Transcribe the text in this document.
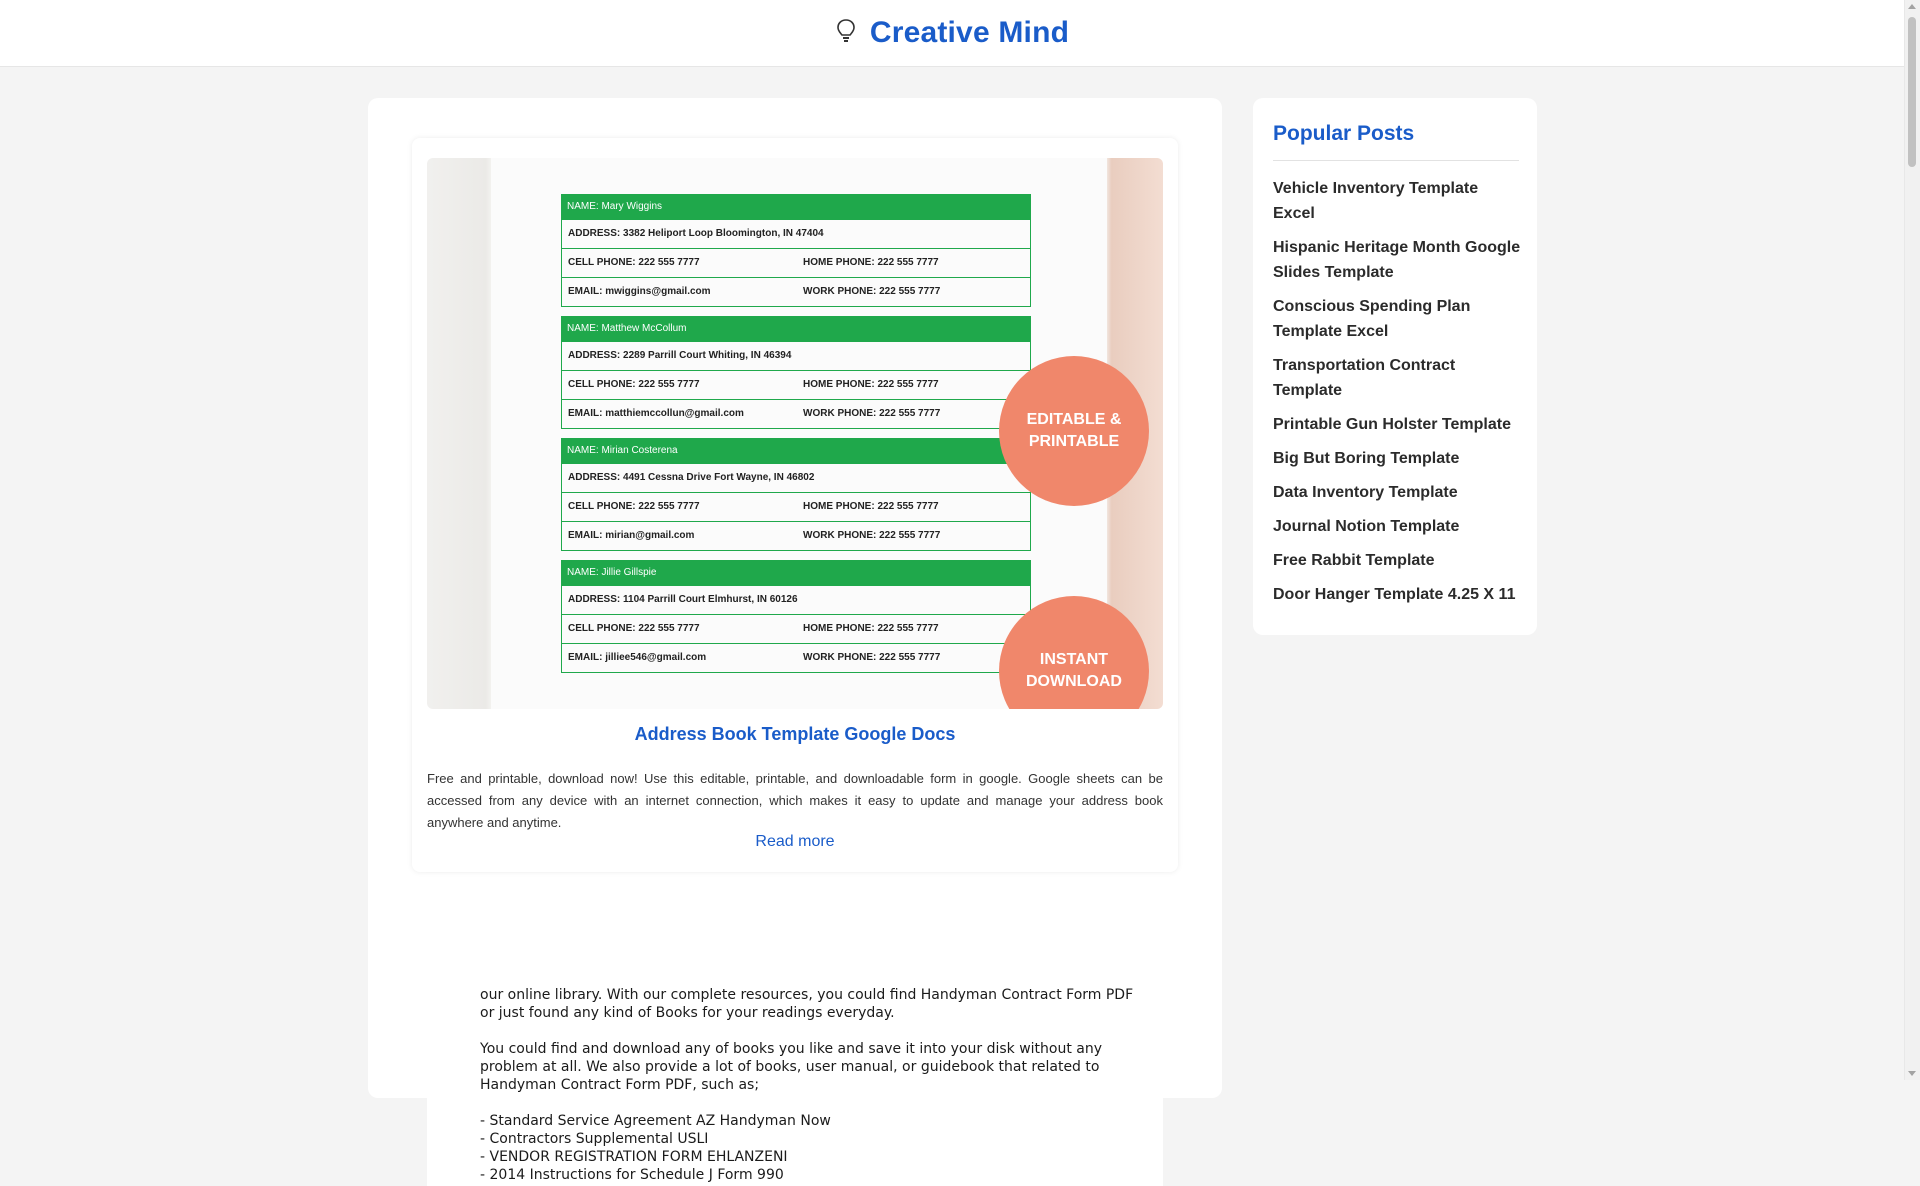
Creative Mind
NAME: Mary Wiggins
ADDRESS: 3382 Heliport Loop Bloomington, IN 47404
CELL PHONE: 222 555 7777	HOME PHONE: 222 555 7777
EMAIL: mwiggins@gmail.com	WORK PHONE: 222 555 7777
NAME: Matthew McCollum
ADDRESS: 2289 Parrill Court Whiting, IN 46394
CELL PHONE: 222 555 7777	HOME PHONE: 222 555 7777
EMAIL: matthiemccollun@gmail.com	WORK PHONE: 222 555 7777
NAME: Mirian Costerena
ADDRESS: 4491 Cessna Drive Fort Wayne, IN 46802
CELL PHONE: 222 555 7777	HOME PHONE: 222 555 7777
EMAIL: mirian@gmail.com	WORK PHONE: 222 555 7777
NAME: Jillie Gillspie
ADDRESS: 1104 Parrill Court Elmhurst, IN 60126
CELL PHONE: 222 555 7777	HOME PHONE: 222 555 7777
EMAIL: jilliee546@gmail.com	WORK PHONE: 222 555 7777
EDITABLE &
PRINTABLE
INSTANT
DOWNLOAD
Address Book Template Google Docs

Free and printable, download now! Use this editable, printable, and downloadable form in google. Google sheets can be accessed from any device with an internet connection, which makes it easy to update and manage your address book anywhere and anytime.

Read more
our online library. With our complete resources, you could find Handyman Contract Form PDF
or just found any kind of Books for your readings everyday.
You could find and download any of books you like and save it into your disk without any
problem at all. We also provide a lot of books, user manual, or guidebook that related to
Handyman Contract Form PDF, such as;
- Standard Service Agreement AZ Handyman Now
- Contractors Supplemental USLI
- VENDOR REGISTRATION FORM EHLANZENI
- 2014 Instructions for Schedule J Form 990
Popular Posts
Vehicle Inventory Template Excel
Hispanic Heritage Month Google Slides Template
Conscious Spending Plan Template Excel
Transportation Contract Template
Printable Gun Holster Template
Big But Boring Template
Data Inventory Template
Journal Notion Template
Free Rabbit Template
Door Hanger Template 4.25 X 11
